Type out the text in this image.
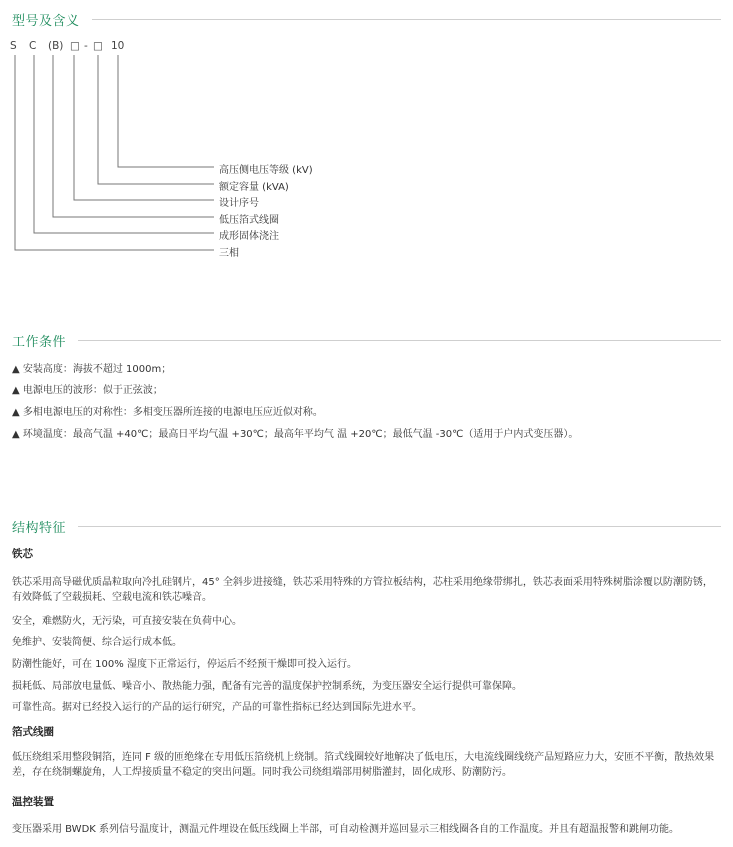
型号及含义
S C (B) □ - □ 10
高压侧电压等级 (kV)
额定容量 (kVA)
设计序号
低压箔式线圈
成形固体浇注
三相
工作条件
▲ 安装高度：海拔不超过 1000m；
▲ 电源电压的波形：似于正弦波；
▲ 多相电源电压的对称性：多相变压器所连接的电源电压应近似对称。
▲ 环境温度：最高气温 +40℃；最高日平均气温 +30℃；最高年平均气 温 +20℃；最低气温 -30℃（适用于户内式变压器）。
结构特征
铁芯
铁芯采用高导磁优质晶粒取向冷扎硅钢片，45° 全斜步进接缝，铁芯采用特殊的方管拉板结构，芯柱采用绝缘带绑扎，铁芯表面采用特殊树脂涂覆以防潮防锈，有效降低了空载损耗、空载电流和铁芯噪音。
安全，难燃防火，无污染，可直接安装在负荷中心。
免维护、安装简便、综合运行成本低。
防潮性能好，可在 100% 湿度下正常运行，停运后不经预干燥即可投入运行。
损耗低、局部放电量低、噪音小、散热能力强，配备有完善的温度保护控制系统，为变压器安全运行提供可靠保障。
可靠性高。据对已经投入运行的产品的运行研究，产品的可靠性指标已经达到国际先进水平。
箔式线圈
低压绕组采用整段铜箔，连同 F 级的匝绝缘在专用低压箔绕机上绕制。箔式线圈较好地解决了低电压，大电流线圈线绕产品短路应力大，安匝不平衡，散热效果差，存在绕制螺旋角，人工焊接质量不稳定的突出问题。同时我公司绕组端部用树脂灌封，固化成形、防潮防污。
温控装置
变压器采用 BWDK 系列信号温度计，测温元件埋设在低压线圈上半部，可自动检测并巡回显示三相线圈各自的工作温度。并且有超温报警和跳闸功能。
